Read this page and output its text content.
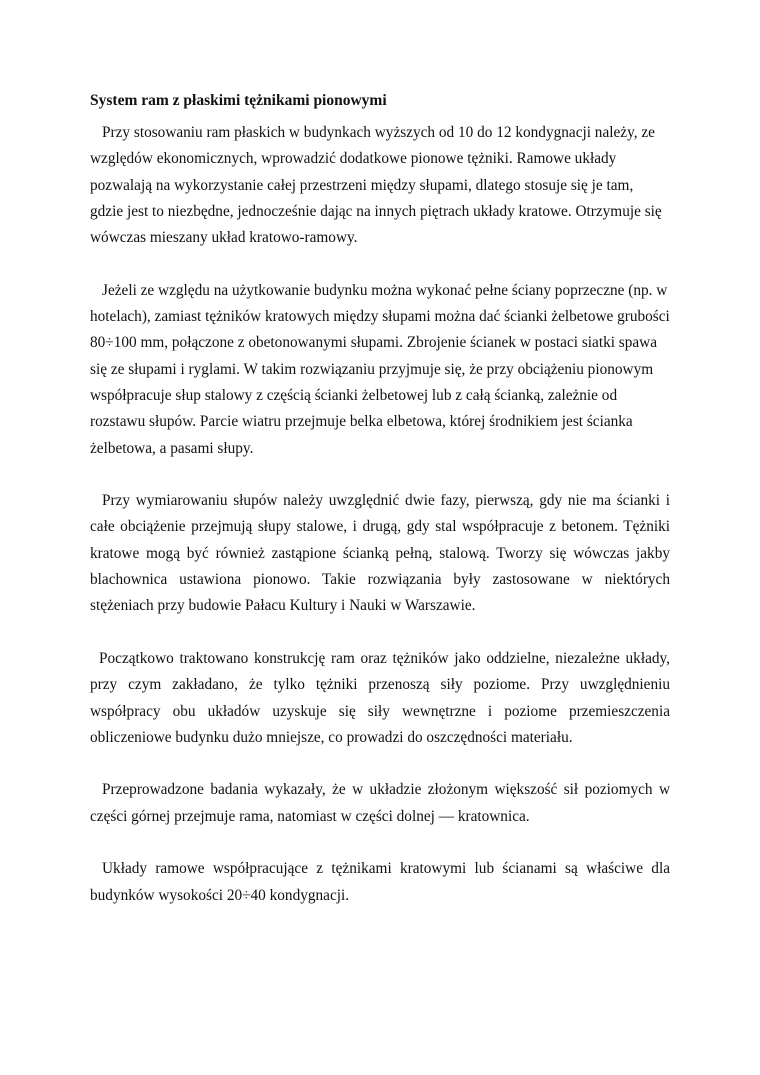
System ram z płaskimi tężnikami pionowymi

Przy stosowaniu ram płaskich w budynkach wyższych od 10 do 12 kondygnacji należy, ze względów ekonomicznych, wprowadzić dodatkowe pionowe tężniki. Ramowe układy pozwalają na wykorzystanie całej przestrzeni między słupami, dlatego stosuje się je tam, gdzie jest to niezbędne, jednocześnie dając na innych piętrach układy kratowe. Otrzymuje się wówczas mieszany układ kratowo-ramowy.

Jeżeli ze względu na użytkowanie budynku można wykonać pełne ściany poprzeczne (np. w hotelach), zamiast tężników kratowych między słupami można dać ścianki żelbetowe grubości 80÷100 mm, połączone z obetonowanymi słupami. Zbrojenie ścianek w postaci siatki spawa się ze słupami i ryglami. W takim rozwiązaniu przyjmuje się, że przy obciążeniu pionowym współpracuje słup stalowy z częścią ścianki żelbetowej lub z całą ścianką, zależnie od rozstawu słupów. Parcie wiatru przejmuje belka elbetowa, której środnikiem jest ścianka żelbetowa, a pasami słupy.

Przy wymiarowaniu słupów należy uwzględnić dwie fazy, pierwszą, gdy nie ma ścianki i całe obciążenie przejmują słupy stalowe, i drugą, gdy stal współpracuje z betonem. Tężniki kratowe mogą być również zastąpione ścianką pełną, stalową. Tworzy się wówczas jakby blachownica ustawiona pionowo. Takie rozwiązania były zastosowane w niektórych stężeniach przy budowie Pałacu Kultury i Nauki w Warszawie.

Początkowo traktowano konstrukcję ram oraz tężników jako oddzielne, niezależne układy, przy czym zakładano, że tylko tężniki przenoszą siły poziome. Przy uwzględnieniu współpracy obu układów uzyskuje się siły wewnętrzne i poziome przemieszczenia obliczeniowe budynku dużo mniejsze, co prowadzi do oszczędności materiału.

Przeprowadzone badania wykazały, że w układzie złożonym większość sił poziomych w części górnej przejmuje rama, natomiast w części dolnej — kratownica.

Układy ramowe współpracujące z tężnikami kratowymi lub ścianami są właściwe dla budynków wysokości 20÷40 kondygnacji.
